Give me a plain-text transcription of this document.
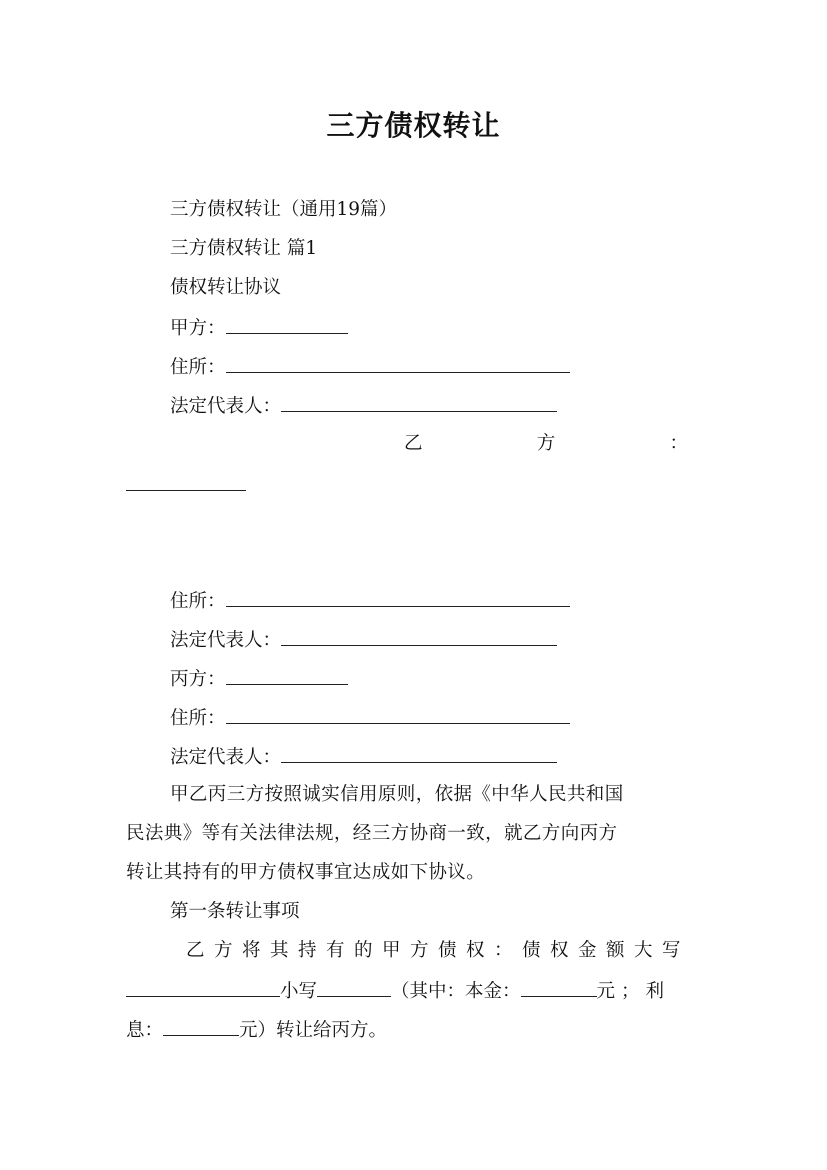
三方债权转让
三方债权转让（通用19篇）
三方债权转让 篇1
债权转让协议
甲方：
住所：
法定代表人：
乙	方	：
住所：
法定代表人：
丙方：
住所：
法定代表人：
甲乙丙三方按照诚实信用原则，依据《中华人民共和国
民法典》等有关法律法规，经三方协商一致，就乙方向丙方
转让其持有的甲方债权事宜达成如下协议。
第一条转让事项
乙方将其持有的甲方债权：债权金额大写
小写	（其中：本金：	元；利
息：	元）转让给丙方。
